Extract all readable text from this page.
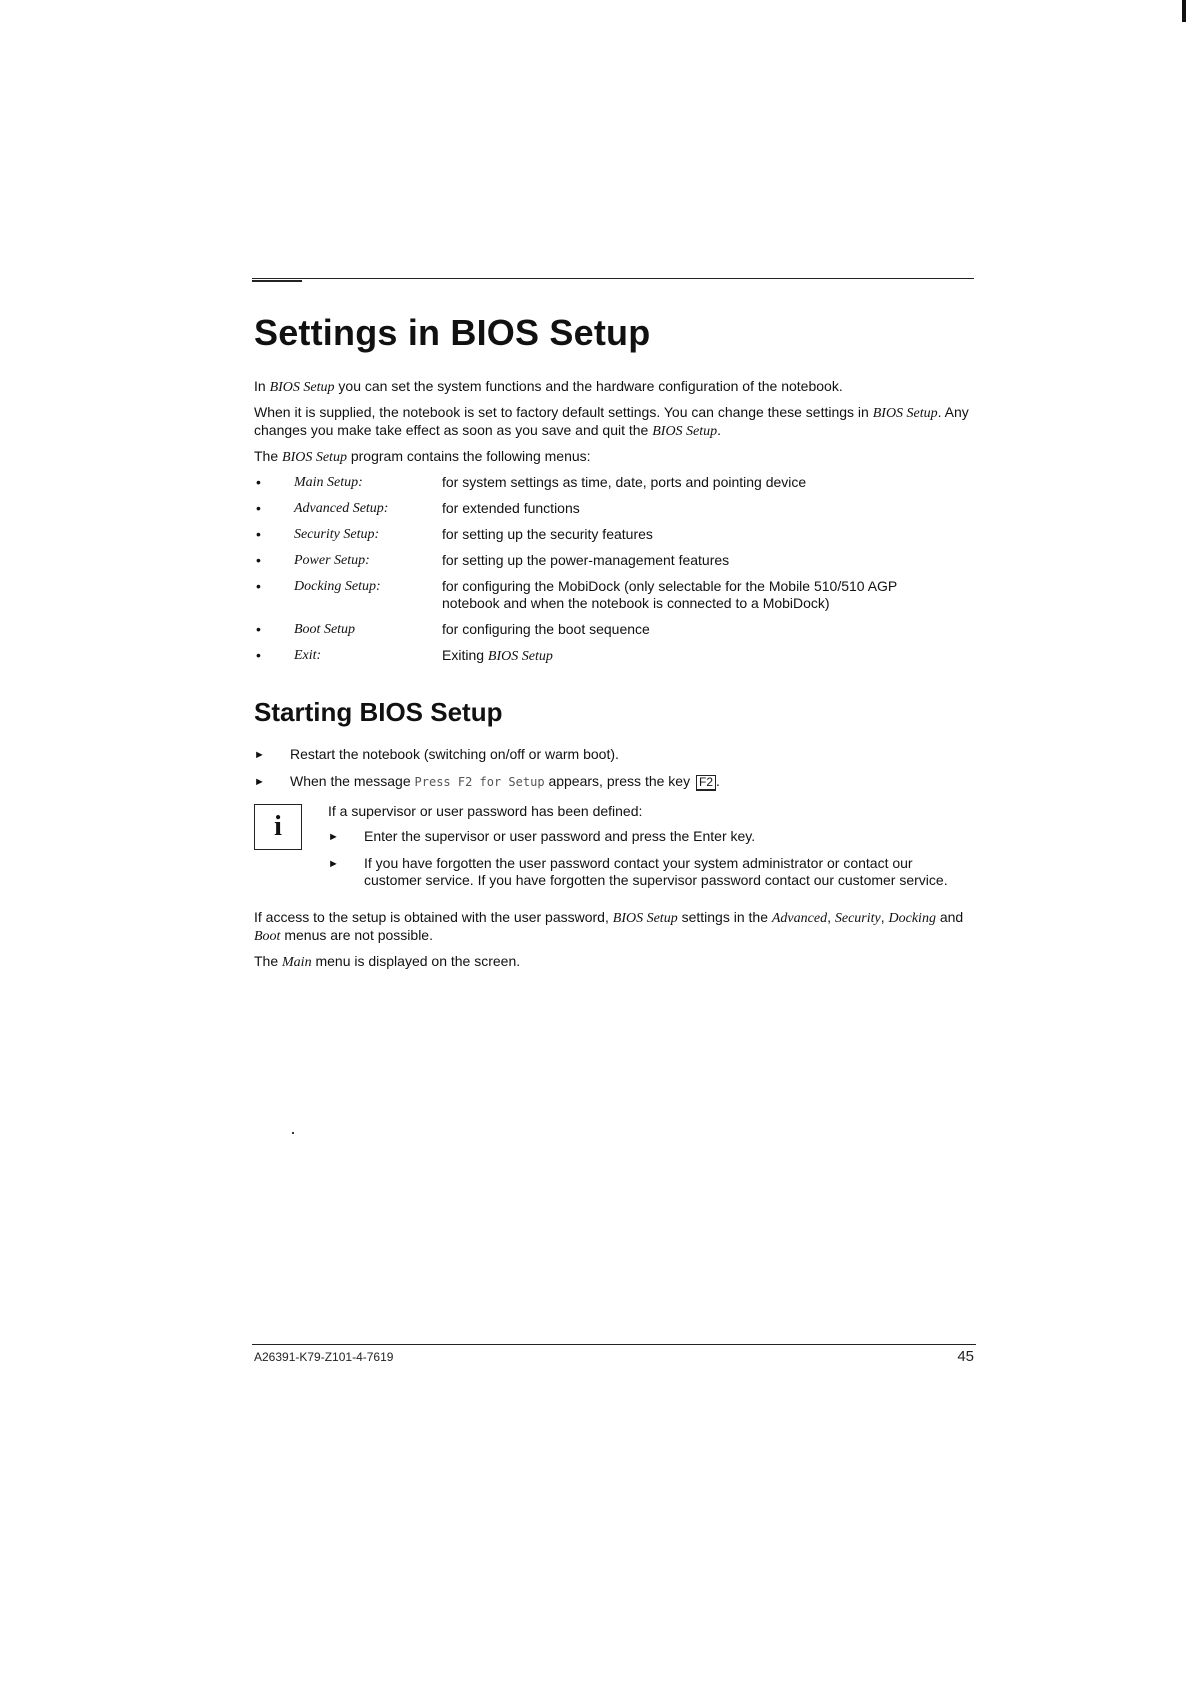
Settings in BIOS Setup

In BIOS Setup you can set the system functions and the hardware configuration of the notebook.

When it is supplied, the notebook is set to factory default settings. You can change these settings in BIOS Setup. Any changes you make take effect as soon as you save and quit the BIOS Setup.

The BIOS Setup program contains the following menus:

•	Main Setup:	for system settings as time, date, ports and pointing device
•	Advanced Setup:	for extended functions
•	Security Setup:	for setting up the security features
•	Power Setup:	for setting up the power-management features
•	Docking Setup:	for configuring the MobiDock (only selectable for the Mobile 510/510 AGP notebook and when the notebook is connected to a MobiDock)
•	Boot Setup	for configuring the boot sequence
•	Exit:	Exiting BIOS Setup
Starting BIOS Setup
►	Restart the notebook (switching on/off or warm boot).
►	When the message Press F2 for Setup appears, press the key F2 .
i	If a supervisor or user password has been defined:
►	Enter the supervisor or user password and press the Enter key.
►	If you have forgotten the user password contact your system administrator or contact our customer service. If you have forgotten the supervisor password contact our customer service.

If access to the setup is obtained with the user password, BIOS Setup settings in the Advanced, Security, Docking and Boot menus are not possible.

The Main menu is displayed on the screen.

A26391-K79-Z101-4-7619	45
